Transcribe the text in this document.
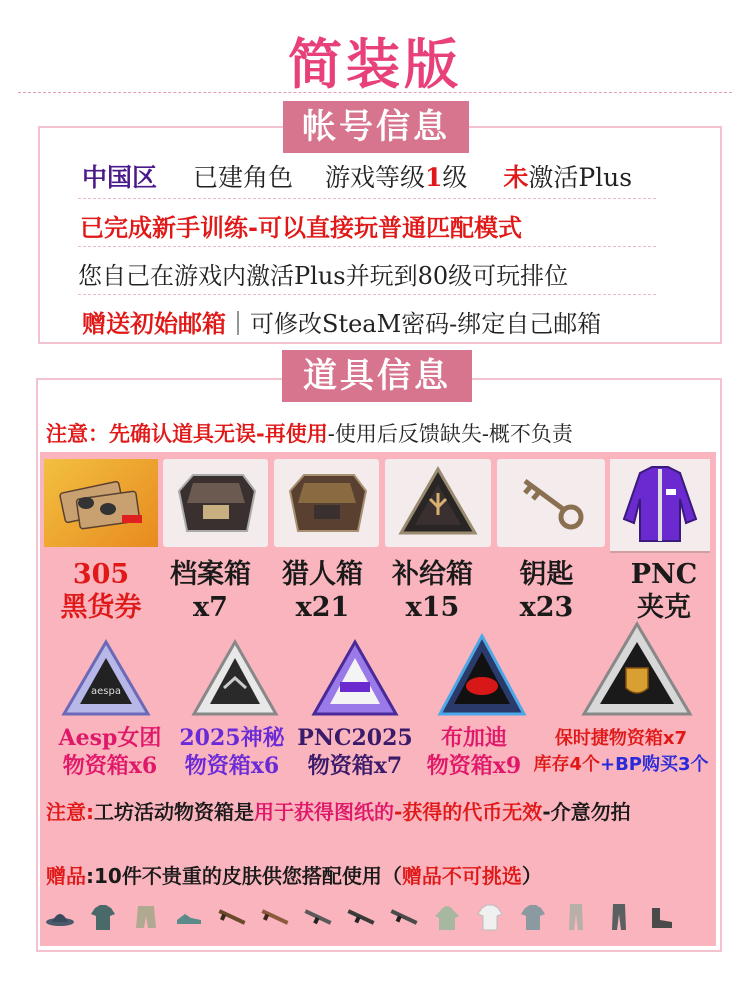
简装版
帐号信息
中国区 已建角色 游戏等级1级 未激活Plus
已完成新手训练-可以直接玩普通匹配模式
您自己在游戏内激活Plus并玩到80级可玩排位
赠送初始邮箱｜可修改SteaM密码-绑定自己邮箱
道具信息
注意：先确认道具无误-再使用-使用后反馈缺失-概不负责
305
黑货券
档案箱
x7
猎人箱
x21
补给箱
x15
钥匙
x23
PNC
夹克
aespa
Aesp女团
物资箱x6
2025神秘
物资箱x6
PNC2025
物资箱x7
布加迪
物资箱x9
保时捷物资箱x7
库存4个+BP购买3个
注意:工坊活动物资箱是用于获得图纸的-获得的代币无效-介意勿拍
赠品:10件不贵重的皮肤供您搭配使用（赠品不可挑选）
